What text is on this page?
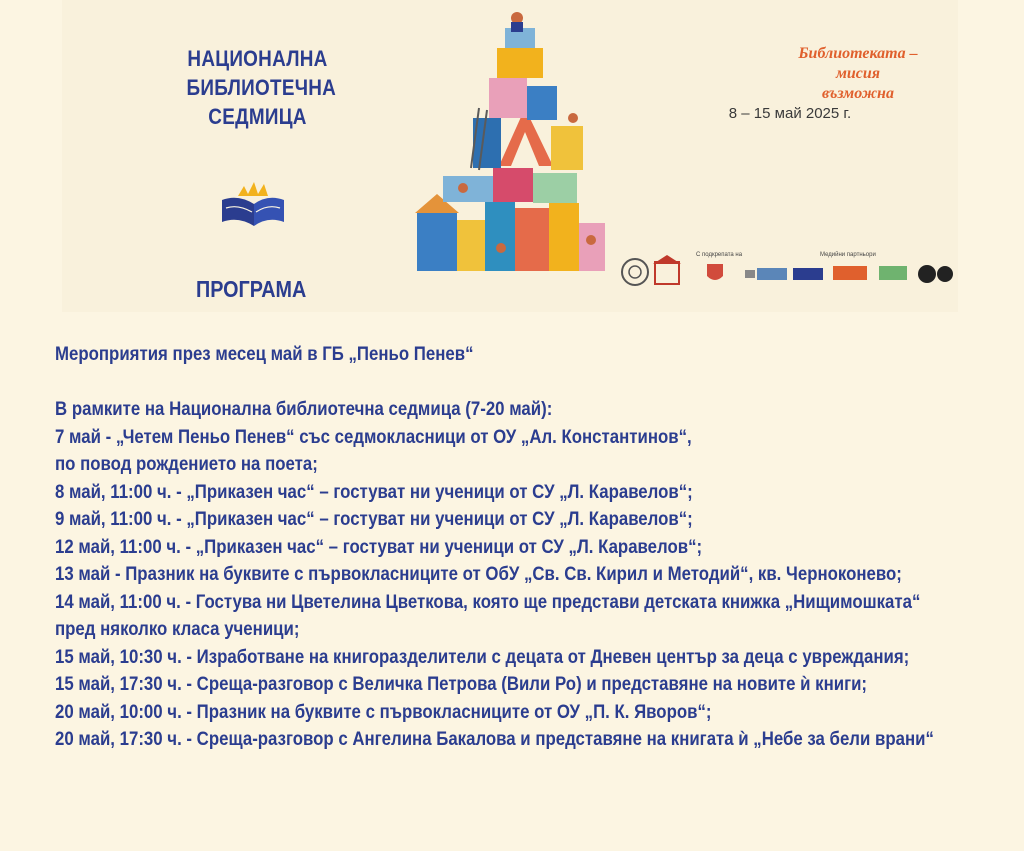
НАЦИОНАЛНА
БИБЛИОТЕЧНА
СЕДМИЦА
ПРОГРАМА
Библиотеката –
мисия
възможна
8 – 15 май 2025 г.
С подкрепата на	Медийни партньори
Мероприятия през месец май в ГБ „Пеньо Пенев“
В рамките на Национална библиотечна седмица (7-20 май):
7 май - „Четем Пеньо Пенев“ със седмокласници от ОУ „Ал. Константинов“,
по повод рождението на поета;
8 май, 11:00 ч. - „Приказен час“ – гостуват ни ученици от СУ „Л. Каравелов“;
9 май, 11:00 ч. - „Приказен час“ – гостуват ни ученици от СУ „Л. Каравелов“;
12 май, 11:00 ч. - „Приказен час“ – гостуват ни ученици от СУ „Л. Каравелов“;
13 май - Празник на буквите с първокласниците от ОбУ „Св. Св. Кирил и Методий“, кв. Черноконево;
14 май, 11:00 ч. - Гостува ни Цветелина Цветкова, която ще представи детската книжка „Нищимошката“
пред няколко класа ученици;
15 май, 10:30 ч. - Изработване на книгоразделители с децата от Дневен център за деца с увреждания;
15 май, 17:30 ч. - Среща-разговор с Величка Петрова (Вили Ро) и представяне на новите ѝ книги;
20 май, 10:00 ч. - Празник на буквите с първокласниците от ОУ „П. К. Яворов“;
20 май, 17:30 ч. - Среща-разговор с Ангелина Бакалова и представяне на книгата ѝ „Небе за бели врани“
